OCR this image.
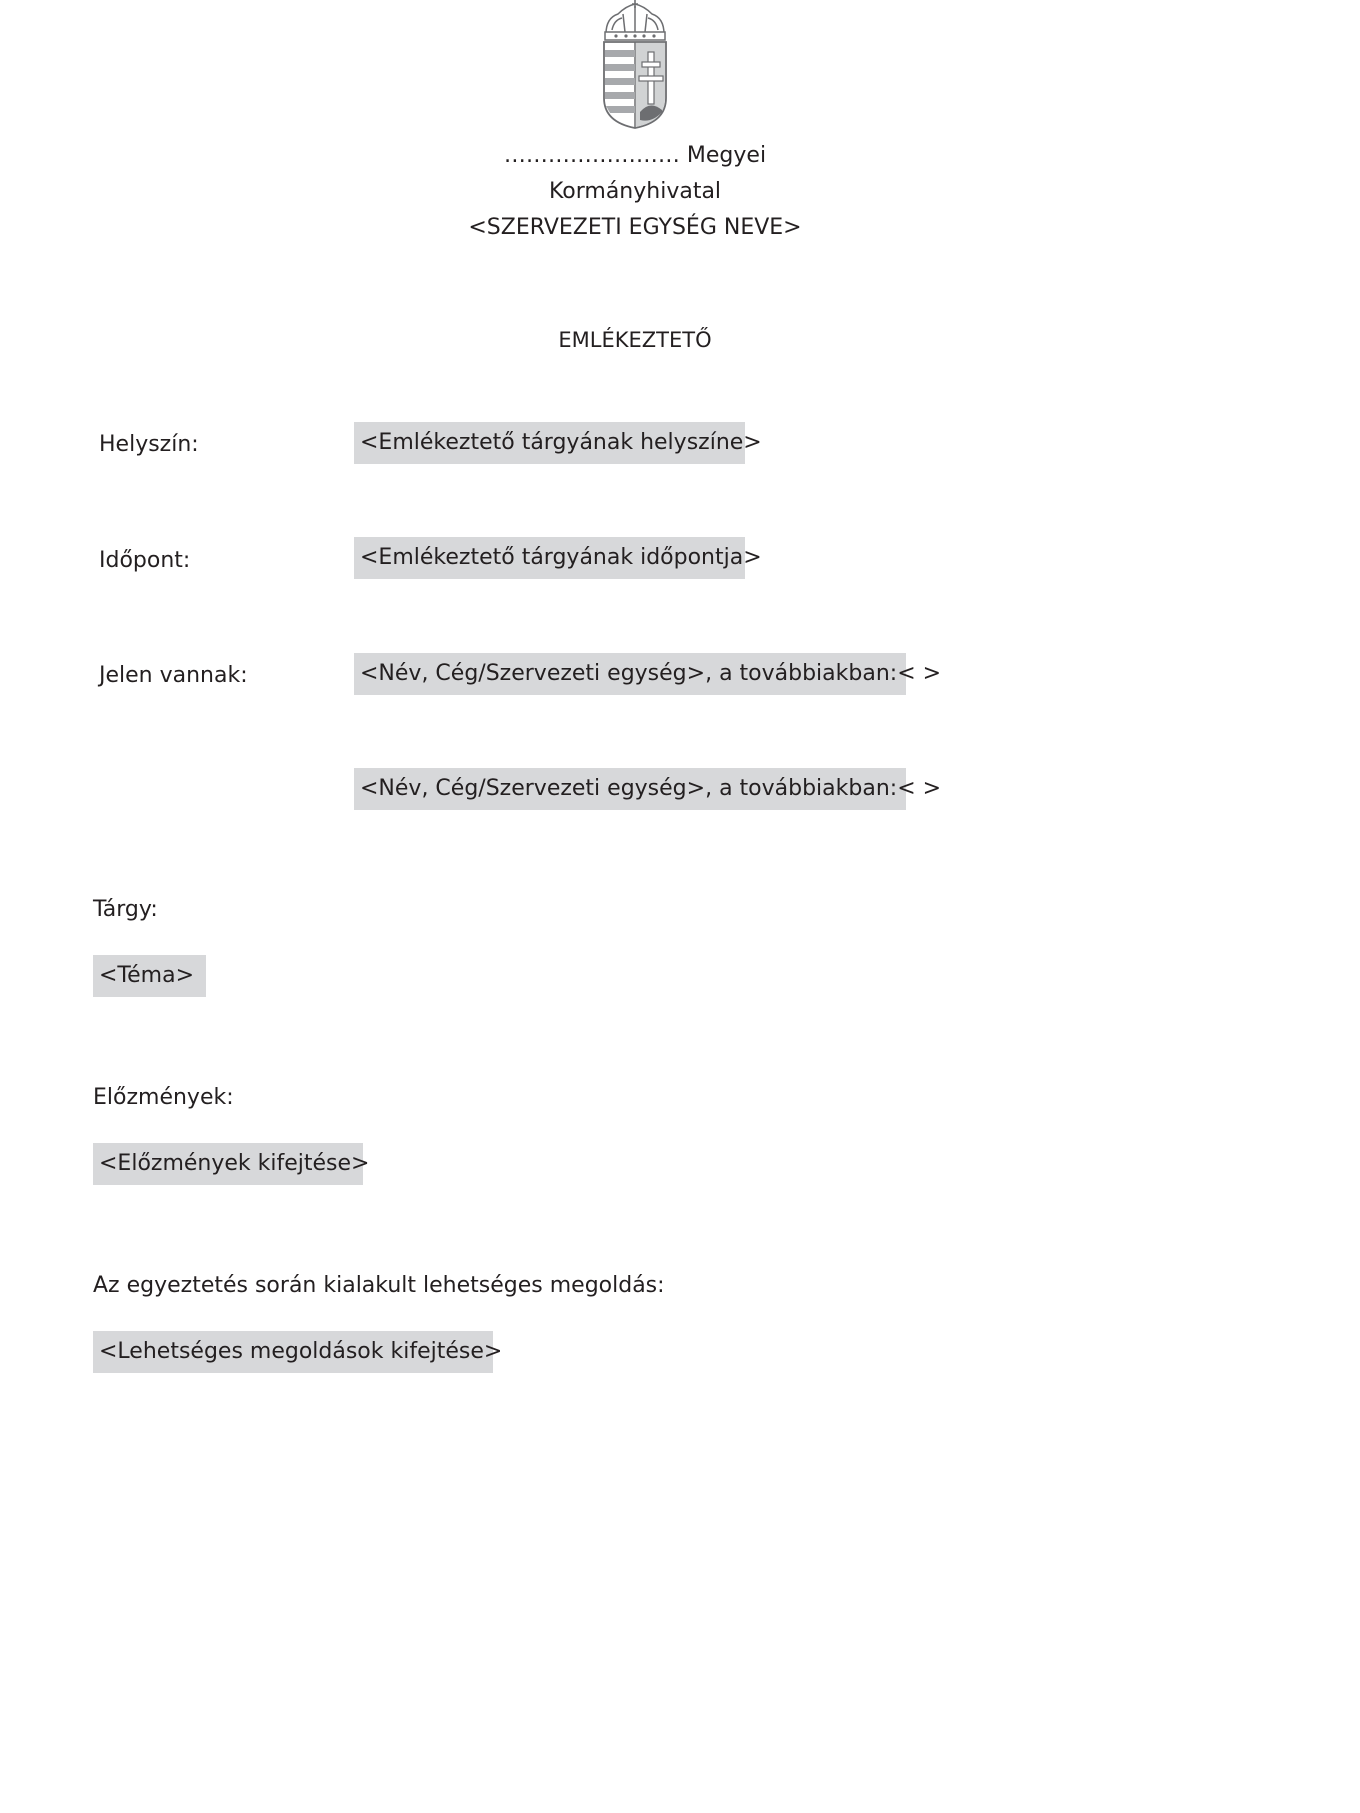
…………………… Megyei
Kormányhivatal
<SZERVEZETI EGYSÉG NEVE>
EMLÉKEZTETŐ
Helyszín:	<Emlékeztető tárgyának helyszíne>
Időpont:	<Emlékeztető tárgyának időpontja>
Jelen vannak:	<Név, Cég/Szervezeti egység>, a továbbiakban:< >
<Név, Cég/Szervezeti egység>, a továbbiakban:< >
Tárgy:
<Téma>
Előzmények:
<Előzmények kifejtése>
Az egyeztetés során kialakult lehetséges megoldás:
<Lehetséges megoldások kifejtése>
